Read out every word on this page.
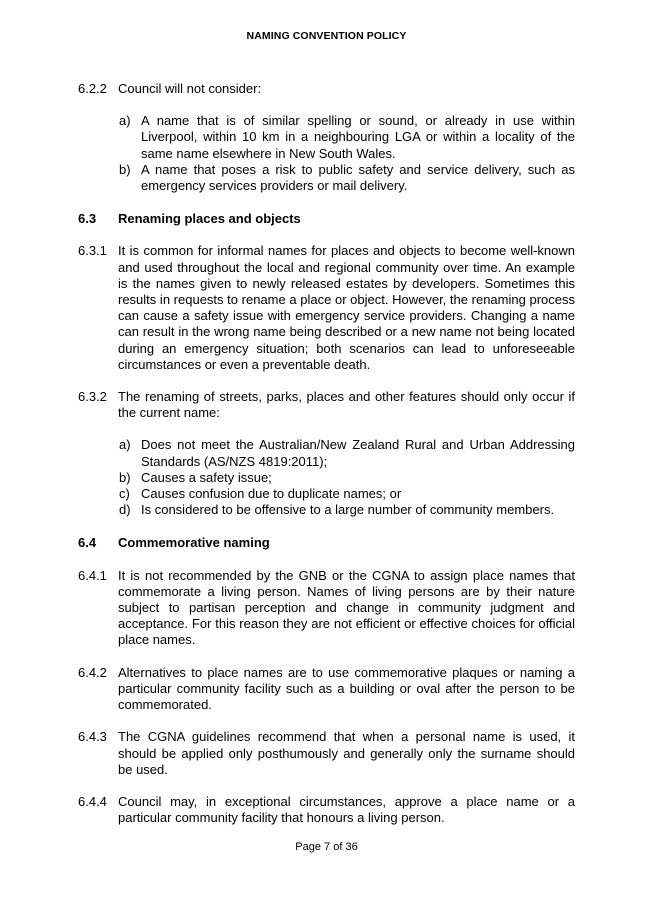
NAMING CONVENTION POLICY
6.2.2 Council will not consider:
a) A name that is of similar spelling or sound, or already in use within Liverpool, within 10 km in a neighbouring LGA or within a locality of the same name elsewhere in New South Wales.
b) A name that poses a risk to public safety and service delivery, such as emergency services providers or mail delivery.
6.3	Renaming places and objects
6.3.1 It is common for informal names for places and objects to become well-known and used throughout the local and regional community over time. An example is the names given to newly released estates by developers. Sometimes this results in requests to rename a place or object. However, the renaming process can cause a safety issue with emergency service providers. Changing a name can result in the wrong name being described or a new name not being located during an emergency situation; both scenarios can lead to unforeseeable circumstances or even a preventable death.
6.3.2 The renaming of streets, parks, places and other features should only occur if the current name:
a) Does not meet the Australian/New Zealand Rural and Urban Addressing Standards (AS/NZS 4819:2011);
b) Causes a safety issue;
c) Causes confusion due to duplicate names; or
d) Is considered to be offensive to a large number of community members.
6.4	Commemorative naming
6.4.1 It is not recommended by the GNB or the CGNA to assign place names that commemorate a living person. Names of living persons are by their nature subject to partisan perception and change in community judgment and acceptance. For this reason they are not efficient or effective choices for official place names.
6.4.2 Alternatives to place names are to use commemorative plaques or naming a particular community facility such as a building or oval after the person to be commemorated.
6.4.3 The CGNA guidelines recommend that when a personal name is used, it should be applied only posthumously and generally only the surname should be used.
6.4.4 Council may, in exceptional circumstances, approve a place name or a particular community facility that honours a living person.
Page 7 of 36
